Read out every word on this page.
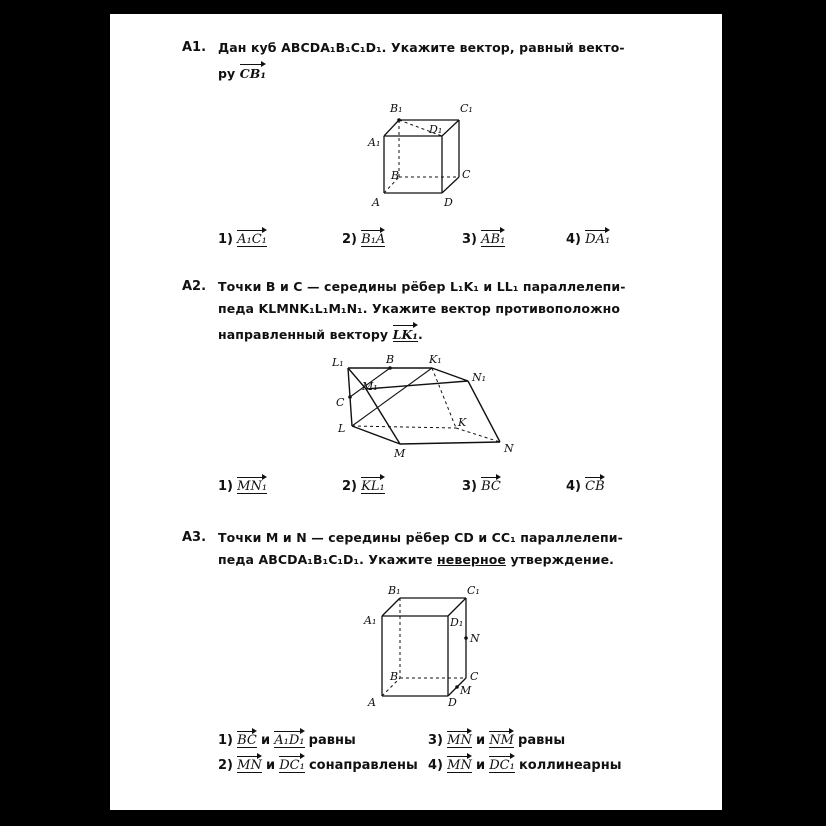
A1. Дан куб ABCDA₁B₁C₁D₁. Укажите вектор, равный векто-
ру CB₁
B₁	C₁
D₁
A₁
B	C
A	D
1) A₁C₁	2) B₁A	3) AB₁	4) DA₁
A2. Точки B и C — середины рёбер L₁K₁ и LL₁ параллелепи-
педа KLMNK₁L₁M₁N₁. Укажите вектор противоположно
направленный вектору LK₁.
L₁	B	K₁
N₁
M₁
C
L	K
M	N
1) MN₁	2) KL₁	3) BC	4) CB
A3. Точки M и N — середины рёбер CD и CC₁ параллелепи-
педа ABCDA₁B₁C₁D₁. Укажите неверное утверждение.
B₁	C₁
A₁	D₁
N
B	C
M
A	D
1) BC и A₁D₁ равны
2) MN и DC₁ сонаправлены
3) MN и NM равны
4) MN и DC₁ коллинеарны
